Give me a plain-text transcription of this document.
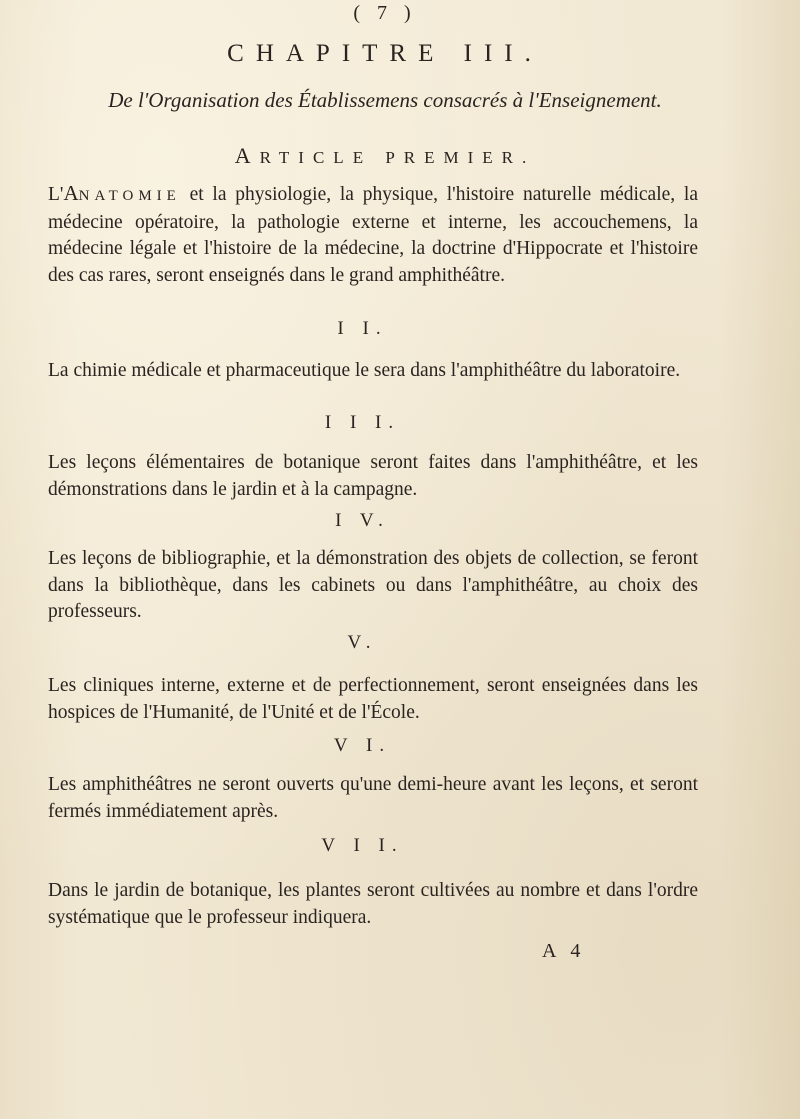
( 7 )
CHAPITRE III.
De l'Organisation des Établissemens consacrés à l'Enseignement.
ARTICLE PREMIER.
L'ANATOMIE et la physiologie, la physique, l'histoire naturelle médicale, la médecine opératoire, la pathologie externe et interne, les accouchemens, la médecine légale et l'histoire de la médecine, la doctrine d'Hippocrate et l'histoire des cas rares, seront enseignés dans le grand amphithéâtre.
I I.
La chimie médicale et pharmaceutique le sera dans l'amphithéâtre du laboratoire.
I I I.
Les leçons élémentaires de botanique seront faites dans l'amphithéâtre, et les démonstrations dans le jardin et à la campagne.
I V.
Les leçons de bibliographie, et la démonstration des objets de collection, se feront dans la bibliothèque, dans les cabinets ou dans l'amphithéâtre, au choix des professeurs.
V.
Les cliniques interne, externe et de perfectionnement, seront enseignées dans les hospices de l'Humanité, de l'Unité et de l'École.
V I.
Les amphithéâtres ne seront ouverts qu'une demi-heure avant les leçons, et seront fermés immédiatement après.
V I I.
Dans le jardin de botanique, les plantes seront cultivées au nombre et dans l'ordre systématique que le professeur indiquera.
A 4
